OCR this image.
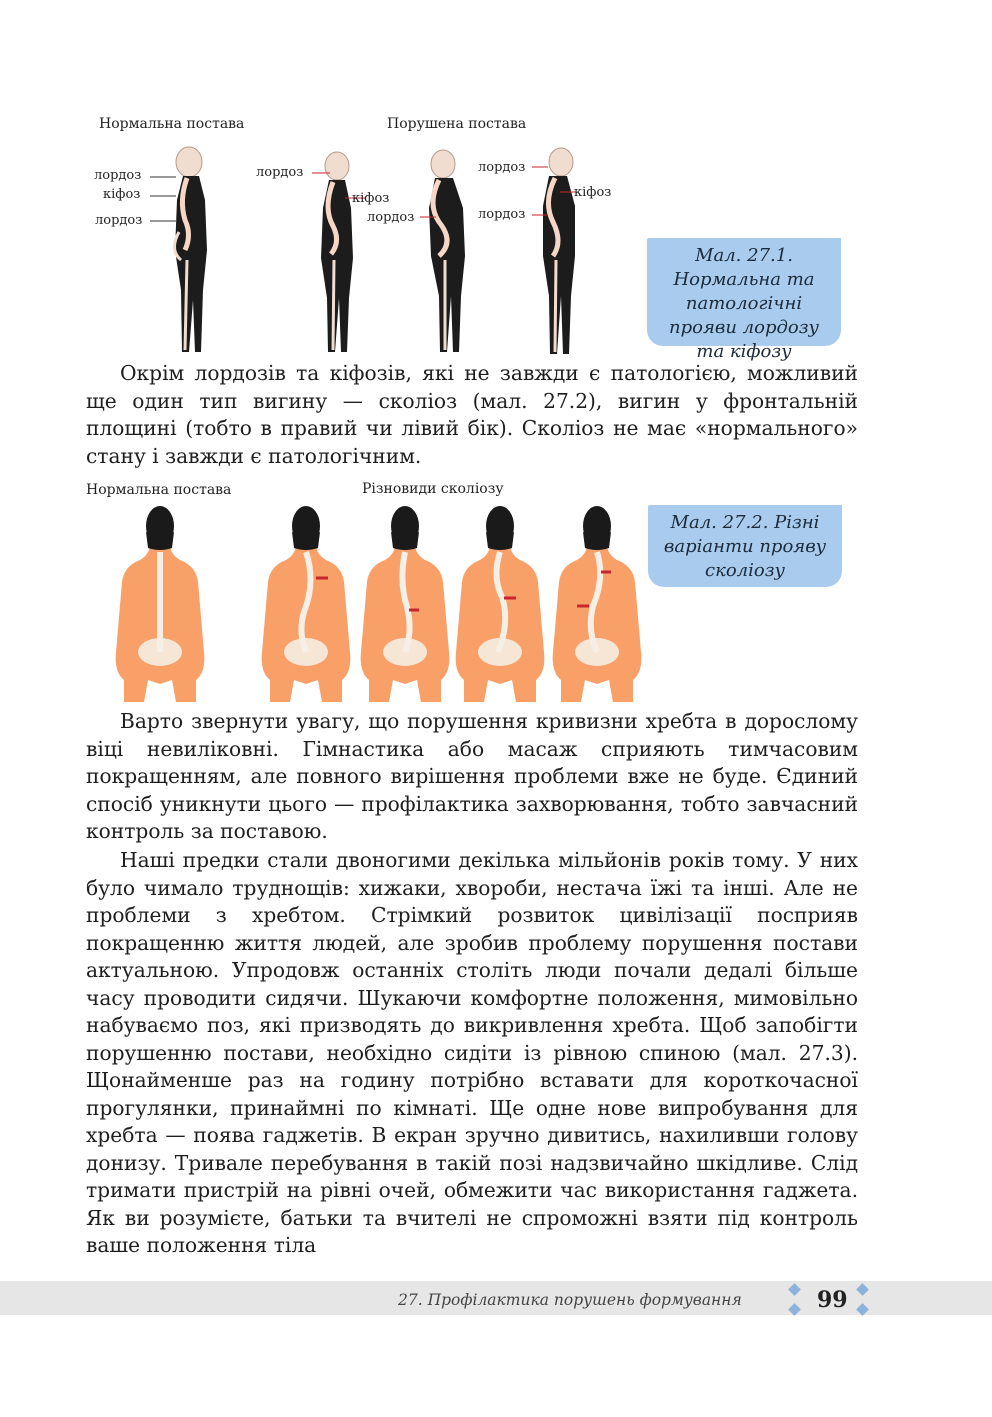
Нормальна постава	Порушена постава
лордоз
кіфоз
лордоз
лордоз
кіфоз
лордоз
лордоз
кіфоз
лордоз
Мал. 27.1. Нормальна та патологічні прояви лордозу та кіфозу

Окрім лордозів та кіфозів, які не завжди є патологією, можливий ще один тип вигину — сколіоз (мал. 27.2), вигин у фронтальній площині (тобто в правий чи лівий бік). Сколіоз не має «нормального» стану і завжди є патологічним.

Нормальна постава	Різновиди сколіозу
Мал. 27.2. Різні варіанти прояву сколіозу

Варто звернути увагу, що порушення кривизни хребта в дорослому віці невиліковні. Гімнастика або масаж сприяють тимчасовим покращенням, але повного вирішення проблеми вже не буде. Єдиний спосіб уникнути цього — профілактика захворювання, тобто завчасний контроль за поставою.

Наші предки стали двоногими декілька мільйонів років тому. У них було чимало труднощів: хижаки, хвороби, нестача їжі та інші. Але не проблеми з хребтом. Стрімкий розвиток цивілізації посприяв покращенню життя людей, але зробив проблему порушення постави актуальною. Упродовж останніх століть люди почали дедалі більше часу проводити сидячи. Шукаючи комфортне положення, мимовільно набуваємо поз, які призводять до викривлення хребта. Щоб запобігти порушенню постави, необхідно сидіти із рівною спиною (мал. 27.3). Щонайменше раз на годину потрібно вставати для короткочасної прогулянки, принаймні по кімнаті. Ще одне нове випробування для хребта — поява гаджетів. В екран зручно дивитись, нахиливши голову донизу. Тривале перебування в такій позі надзвичайно шкідливе. Слід тримати пристрій на рівні очей, обмежити час використання гаджета. Як ви розумієте, батьки та вчителі не спроможні взяти під контроль ваше положення тіла

27. Профілактика порушень формування	99
